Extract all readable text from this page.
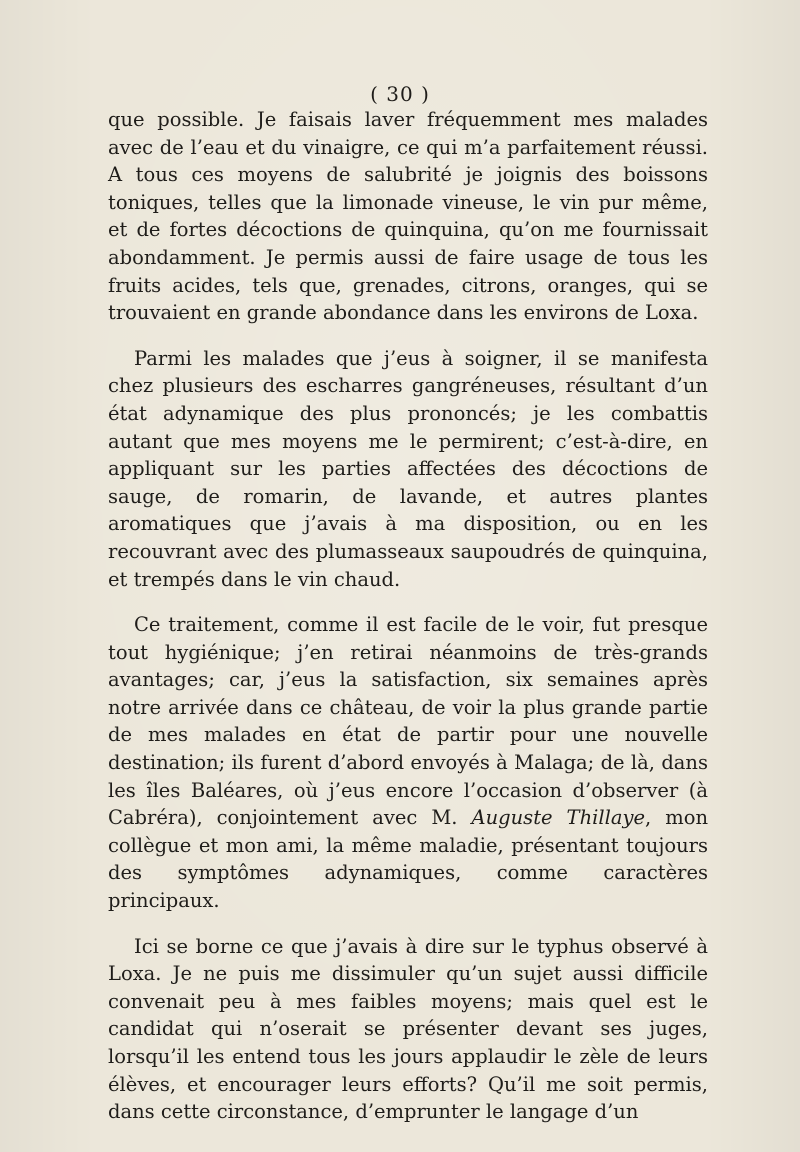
( 30 )

que possible. Je faisais laver fréquemment mes malades avec de l’eau et du vinaigre, ce qui m’a parfaitement réussi. A tous ces moyens de salubrité je joignis des boissons toniques, telles que la limonade vineuse, le vin pur même, et de fortes décoctions de quinquina, qu’on me fournissait abondamment. Je permis aussi de faire usage de tous les fruits acides, tels que, grenades, citrons, oranges, qui se trouvaient en grande abondance dans les environs de Loxa.

Parmi les malades que j’eus à soigner, il se manifesta chez plusieurs des escharres gangréneuses, résultant d’un état adynamique des plus prononcés; je les combattis autant que mes moyens me le permirent; c’est-à-dire, en appliquant sur les parties affectées des décoctions de sauge, de romarin, de lavande, et autres plantes aromatiques que j’avais à ma disposition, ou en les recouvrant avec des plumasseaux saupoudrés de quinquina, et trempés dans le vin chaud.

Ce traitement, comme il est facile de le voir, fut presque tout hygiénique; j’en retirai néanmoins de très-grands avantages; car, j’eus la satisfaction, six semaines après notre arrivée dans ce château, de voir la plus grande partie de mes malades en état de partir pour une nouvelle destination; ils furent d’abord envoyés à Malaga; de là, dans les îles Baléares, où j’eus encore l’occasion d’observer (à Cabréra), conjointement avec M. Auguste Thillaye, mon collègue et mon ami, la même maladie, présentant toujours des symptômes adynamiques, comme caractères principaux.

Ici se borne ce que j’avais à dire sur le typhus observé à Loxa. Je ne puis me dissimuler qu’un sujet aussi difficile convenait peu à mes faibles moyens; mais quel est le candidat qui n’oserait se présenter devant ses juges, lorsqu’il les entend tous les jours applaudir le zèle de leurs élèves, et encourager leurs efforts? Qu’il me soit permis, dans cette circonstance, d’emprunter le langage d’un
